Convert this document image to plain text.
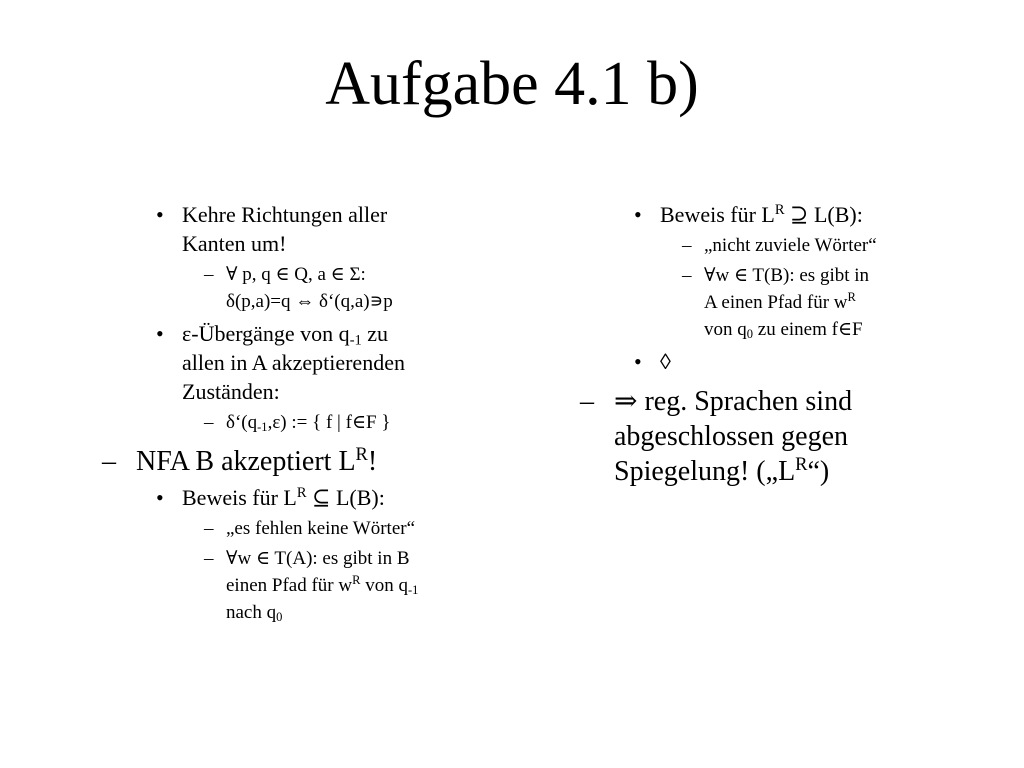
Aufgabe 4.1 b)
• Kehre Richtungen aller
Kanten um!
– ∀ p, q ∈ Q, a ∈ Σ:
δ(p,a)=q ⇔ δ‘(q,a)∍p
• ε-Übergänge von $q_{-1}$ zu
allen in A akzeptierenden
Zuständen:
– $\delta‘(q_{-1},\varepsilon)$ := { f | f∈F }
– NFA B akzeptiert $L^R$!
• Beweis für $L^R$ ⊆ L(B):
– „es fehlen keine Wörter“
– ∀w ∈ T(A): es gibt in B
einen Pfad für $w^R$ von $q_{-1}$
nach $q_0$
• Beweis für $L^R$ ⊇ L(B):
– „nicht zuviele Wörter“
– ∀w ∈ T(B): es gibt in
A einen Pfad für $w^R$
von $q_0$ zu einem f∈F
• ◊
– ⇒ reg. Sprachen sind
abgeschlossen gegen
Spiegelung! $(„L^R“)$
